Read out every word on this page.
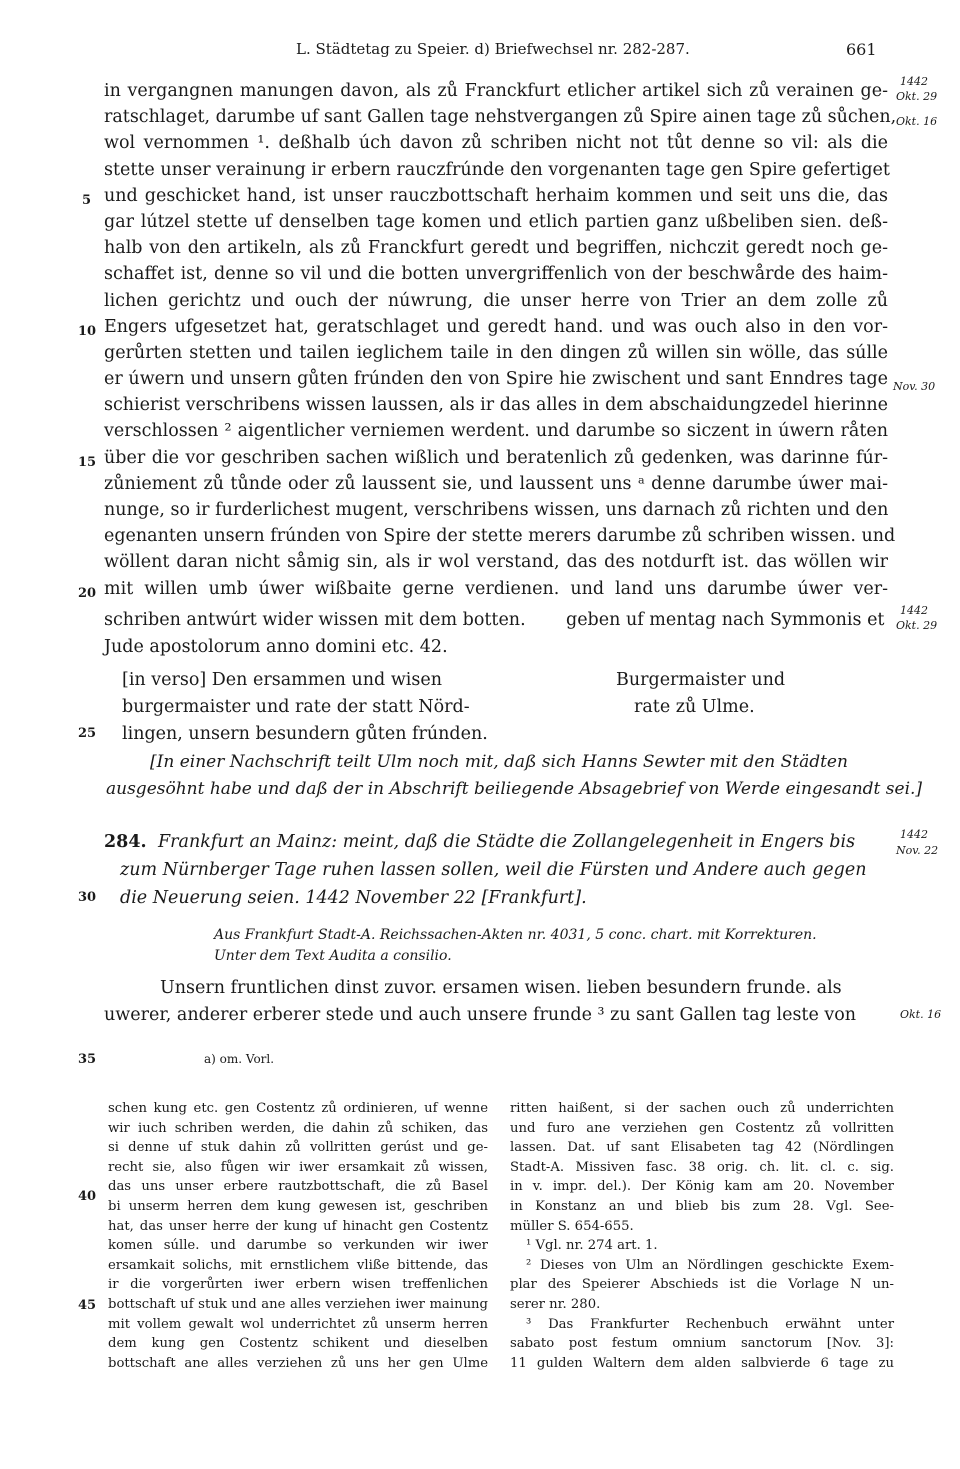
L. Städtetag zu Speier. d) Briefwechsel nr. 282-287.	661
in vergangnen manungen davon, als zů Franckfurt etlicher artikel sich zů verainen ge-
ratschlaget, darumbe uf sant Gallen tage nehstvergangen zů Spire ainen tage zů sůchen,
wol vernommen ¹. deßhalb úch davon zů schriben nicht not tůt denne so vil: als die
stette unser verainung ir erbern rauczfrúnde den vorgenanten tage gen Spire gefertiget
und geschicket hand, ist unser rauczbottschaft herhaim kommen und seit uns die, das
gar lútzel stette uf denselben tage komen und etlich partien ganz ußbeliben sien. deß-
halb von den artikeln, als zů Franckfurt geredt und begriffen, nichczit geredt noch ge-
schaffet ist, denne so vil und die botten unvergriffenlich von der beschwårde des haim-
lichen gerichtz und ouch der núwrung, die unser herre von Trier an dem zolle zů
Engers ufgesetzet hat, geratschlaget und geredt hand. und was ouch also in den vor-
gerůrten stetten und tailen ieglichem taile in den dingen zů willen sin wölle, das súlle
er úwern und unsern gůten frúnden den von Spire hie zwischent und sant Enndres tage
schierist verschribens wissen laussen, als ir das alles in dem abschaidungzedel hierinne
verschlossen ² aigentlicher verniemen werdent. und darumbe so siczent in úwern råten
über die vor geschriben sachen wißlich und beratenlich zů gedenken, was darinne fúr-
zůniement zů tůnde oder zů laussent sie, und laussent uns ᵃ denne darumbe úwer mai-
nunge, so ir furderlichest mugent, verschribens wissen, uns darnach zů richten und den
egenanten unsern frúnden von Spire der stette merers darumbe zů schriben wissen. und
wöllent daran nicht såmig sin, als ir wol verstand, das des notdurft ist. das wöllen wir
mit willen umb úwer wißbaite gerne verdienen. und land uns darumbe úwer ver-
schriben antwúrt wider wissen mit dem botten. geben uf mentag nach Symmonis et
Jude apostolorum anno domini etc. 42.
[in verso] Den ersammen und wisen
burgermaister und rate der statt Nörd-
lingen, unsern besundern gůten frúnden.
Burgermaister und
rate zů Ulme.
[In einer Nachschrift teilt Ulm noch mit, daß sich Hanns Sewter mit den Städten
ausgesöhnt habe und daß der in Abschrift beiliegende Absagebrief von Werde eingesandt sei.]
284. Frankfurt an Mainz: meint, daß die Städte die Zollangelegenheit in Engers bis
zum Nürnberger Tage ruhen lassen sollen, weil die Fürsten und Andere auch gegen
die Neuerung seien. 1442 November 22 [Frankfurt].
Aus Frankfurt Stadt-A. Reichssachen-Akten nr. 4031, 5 conc. chart. mit Korrekturen.
Unter dem Text Audita a consilio.
Unsern fruntlichen dinst zuvor. ersamen wisen. lieben besundern frunde. als
uwerer, anderer erberer stede und auch unsere frunde ³ zu sant Gallen tag leste von
a) om. Vorl.
5
10
15
20
25
30
35
40
45
1442
Okt. 29
Okt. 16
Nov. 30
1442
Okt. 29
1442
Nov. 22
Okt. 16
schen kung etc. gen Costentz zů ordinieren, uf wenne
wir iuch schriben werden, die dahin zů schiken, das
si denne uf stuk dahin zů vollritten gerúst und ge-
recht sie, also fůgen wir iwer ersamkait zů wissen,
das uns unser erbere rautzbottschaft, die zů Basel
bi unserm herren dem kung gewesen ist, geschriben
hat, das unser herre der kung uf hinacht gen Costentz
komen súlle. und darumbe so verkunden wir iwer
ersamkait solichs, mit ernstlichem vliße bittende, das
ir die vorgerůrten iwer erbern wisen treffenlichen
bottschaft uf stuk und ane alles verziehen iwer mainung
mit vollem gewalt wol underrichtet zů unserm herren
dem kung gen Costentz schikent und dieselben
bottschaft ane alles verziehen zů uns her gen Ulme
ritten haißent, si der sachen ouch zů underrichten
und furo ane verziehen gen Costentz zů vollritten
lassen. Dat. uf sant Elisabeten tag 42 (Nördlingen
Stadt-A. Missiven fasc. 38 orig. ch. lit. cl. c. sig.
in v. impr. del.). Der König kam am 20. November
in Konstanz an und blieb bis zum 28. Vgl. See-
müller S. 654-655.
¹ Vgl. nr. 274 art. 1.
² Dieses von Ulm an Nördlingen geschickte Exem-
plar des Speierer Abschieds ist die Vorlage N un-
serer nr. 280.
³ Das Frankfurter Rechenbuch erwähnt unter
sabato post festum omnium sanctorum [Nov. 3]:
11 gulden Waltern dem alden salbvierde 6 tage zu
